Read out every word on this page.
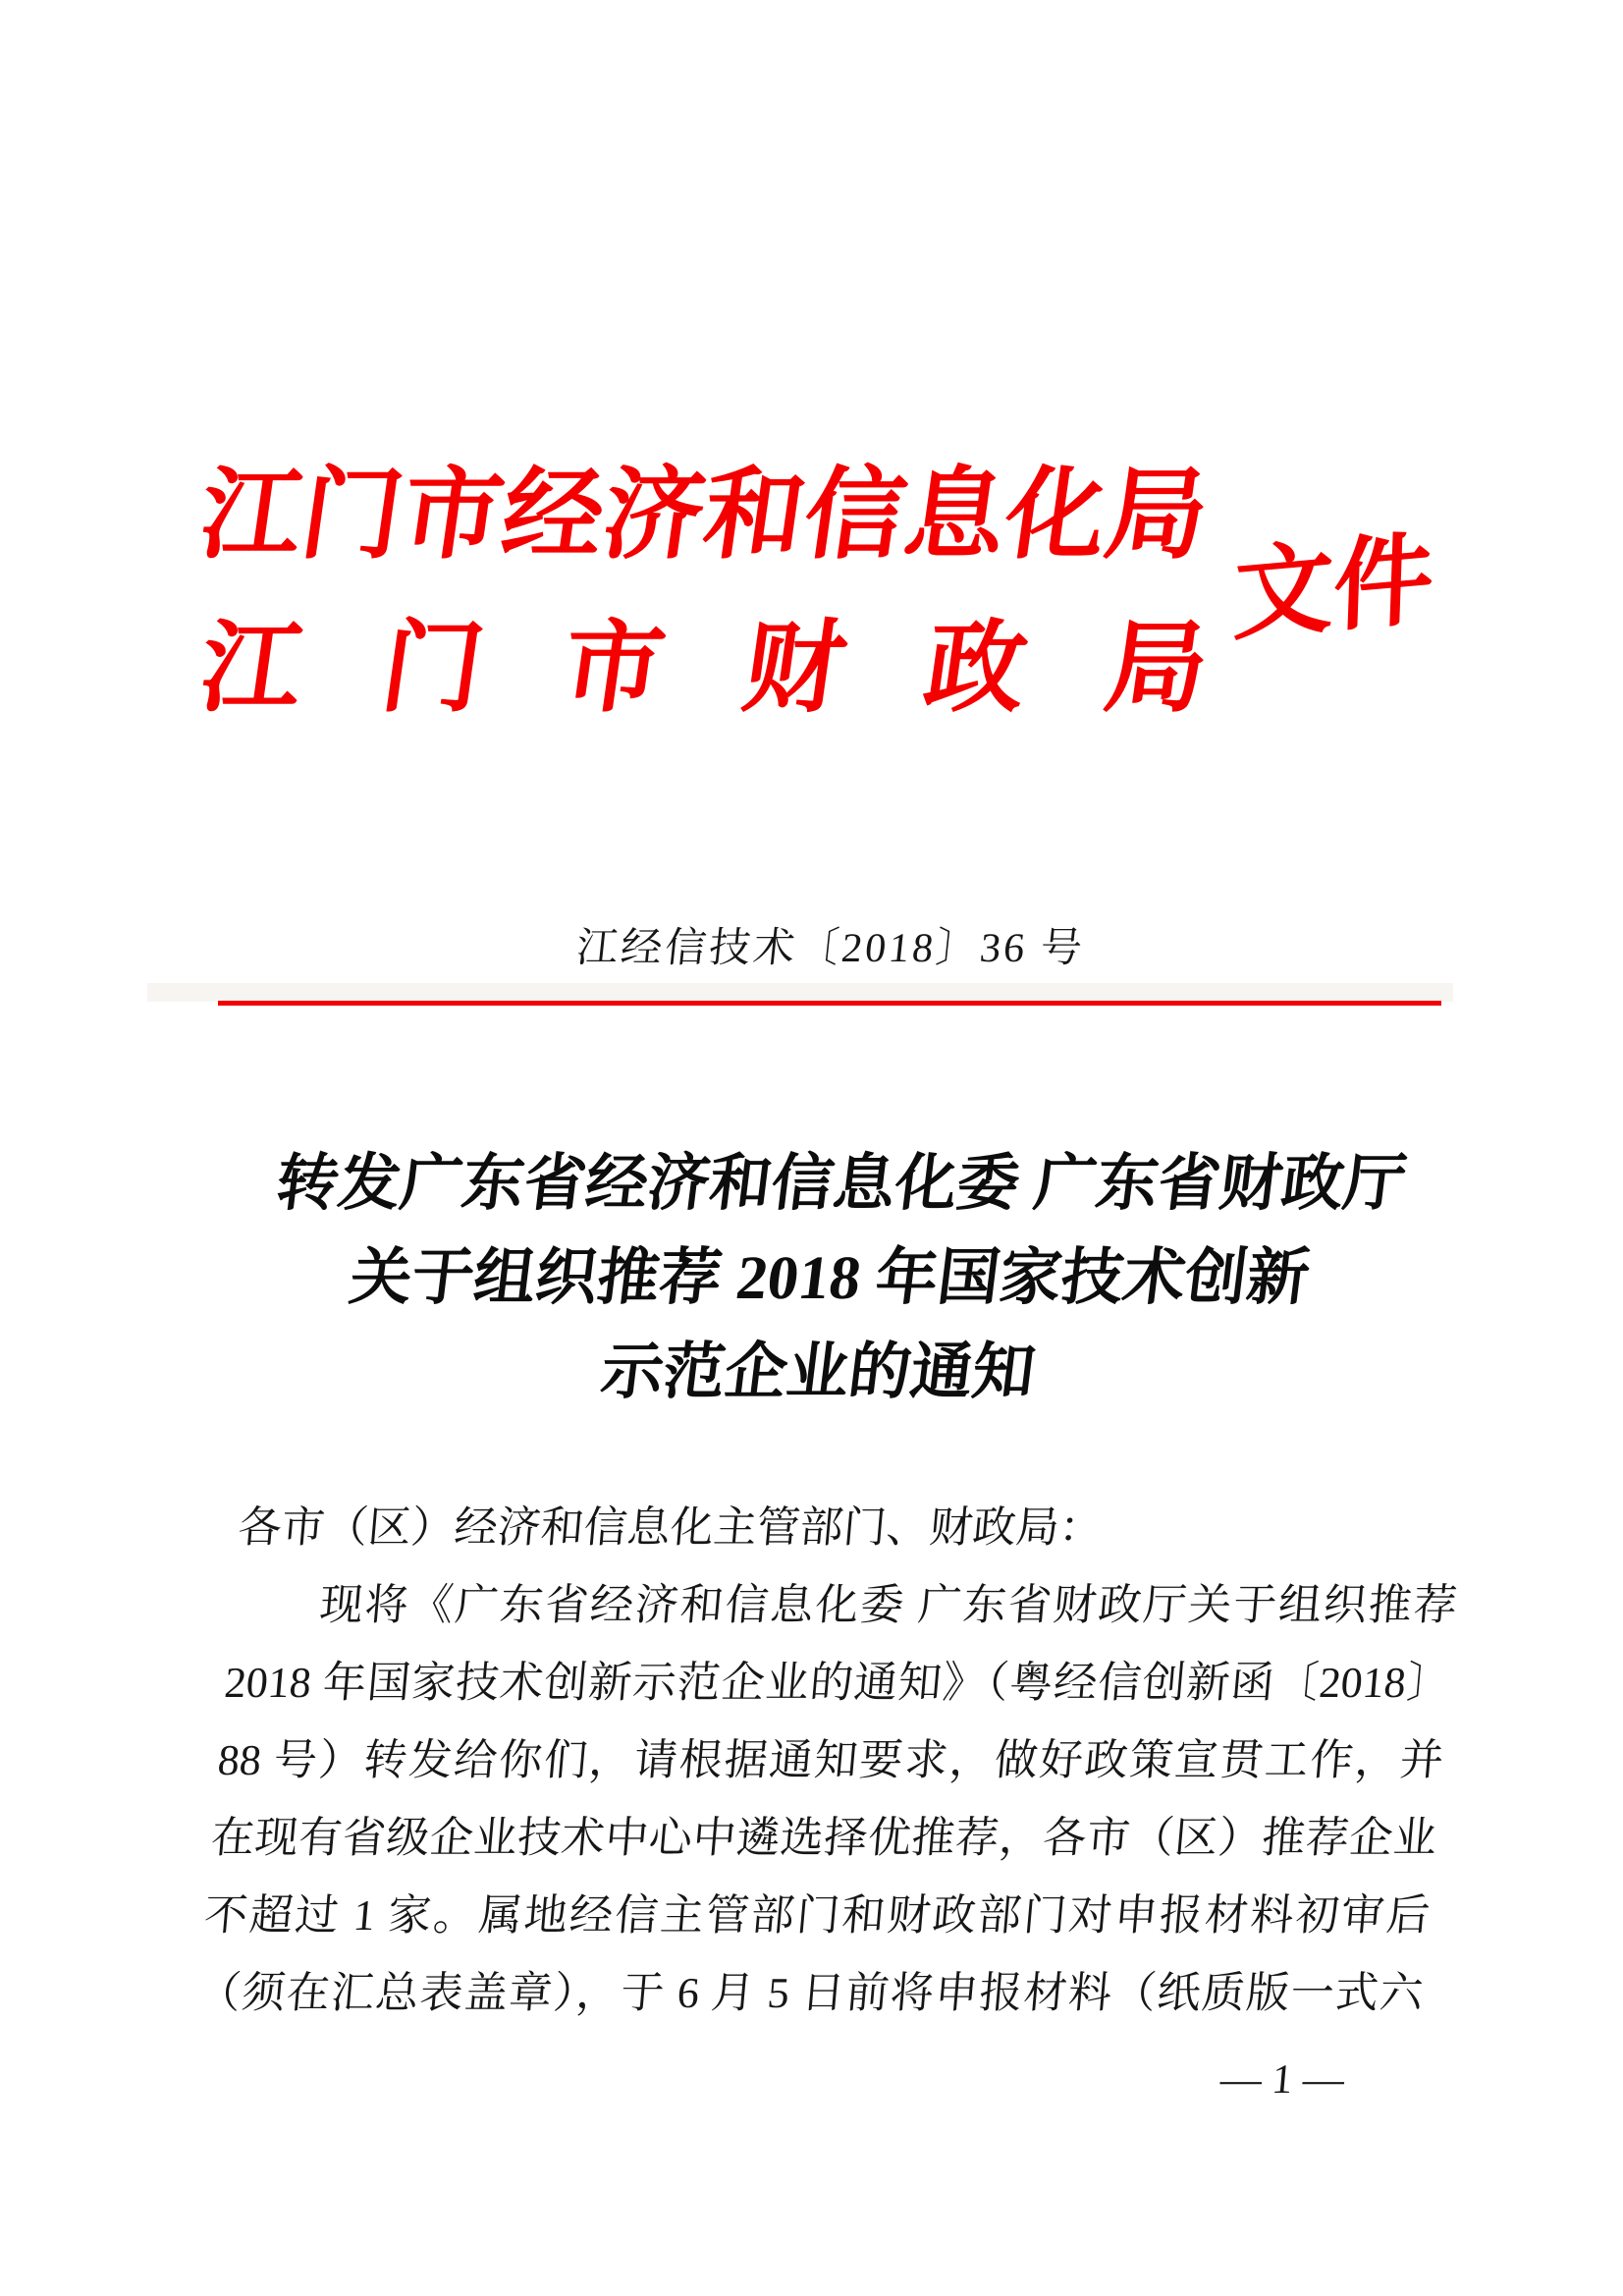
江门市经济和信息化局
江 门 市 财 政 局
文件
江经信技术〔2018〕36 号
转发广东省经济和信息化委 广东省财政厅
关于组织推荐 2018 年国家技术创新
示范企业的通知
各市（区）经济和信息化主管部门、财政局：
现将《广东省经济和信息化委 广东省财政厅关于组织推荐
2018 年国家技术创新示范企业的通知》（粤经信创新函〔2018〕
88 号）转发给你们，请根据通知要求，做好政策宣贯工作，并
在现有省级企业技术中心中遴选择优推荐，各市（区）推荐企业
不超过 1 家。属地经信主管部门和财政部门对申报材料初审后
（须在汇总表盖章），于 6 月 5 日前将申报材料（纸质版一式六
— 1 —
